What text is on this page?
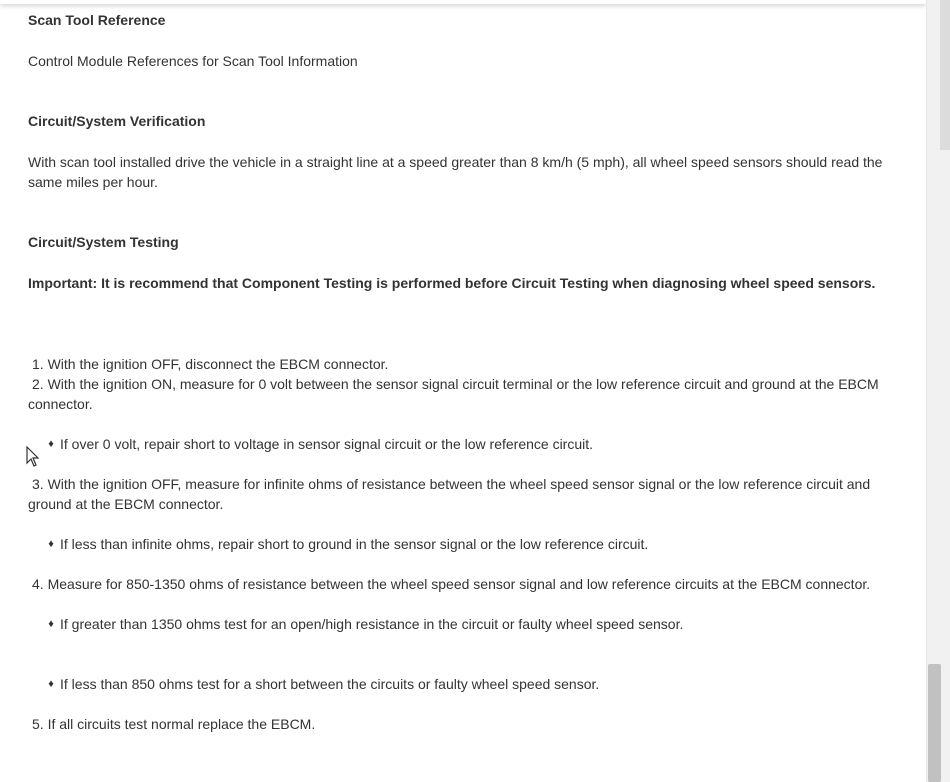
Scan Tool Reference
Control Module References for Scan Tool Information
Circuit/System Verification
With scan tool installed drive the vehicle in a straight line at a speed greater than 8 km/h (5 mph), all wheel speed sensors should read the same miles per hour.
Circuit/System Testing
Important: It is recommend that Component Testing is performed before Circuit Testing when diagnosing wheel speed sensors.
1. With the ignition OFF, disconnect the EBCM connector.
2. With the ignition ON, measure for 0 volt between the sensor signal circuit terminal or the low reference circuit and ground at the EBCM connector.
♦ If over 0 volt, repair short to voltage in sensor signal circuit or the low reference circuit.
3. With the ignition OFF, measure for infinite ohms of resistance between the wheel speed sensor signal or the low reference circuit and ground at the EBCM connector.
♦ If less than infinite ohms, repair short to ground in the sensor signal or the low reference circuit.
4. Measure for 850-1350 ohms of resistance between the wheel speed sensor signal and low reference circuits at the EBCM connector.
♦ If greater than 1350 ohms test for an open/high resistance in the circuit or faulty wheel speed sensor.
♦ If less than 850 ohms test for a short between the circuits or faulty wheel speed sensor.
5. If all circuits test normal replace the EBCM.
